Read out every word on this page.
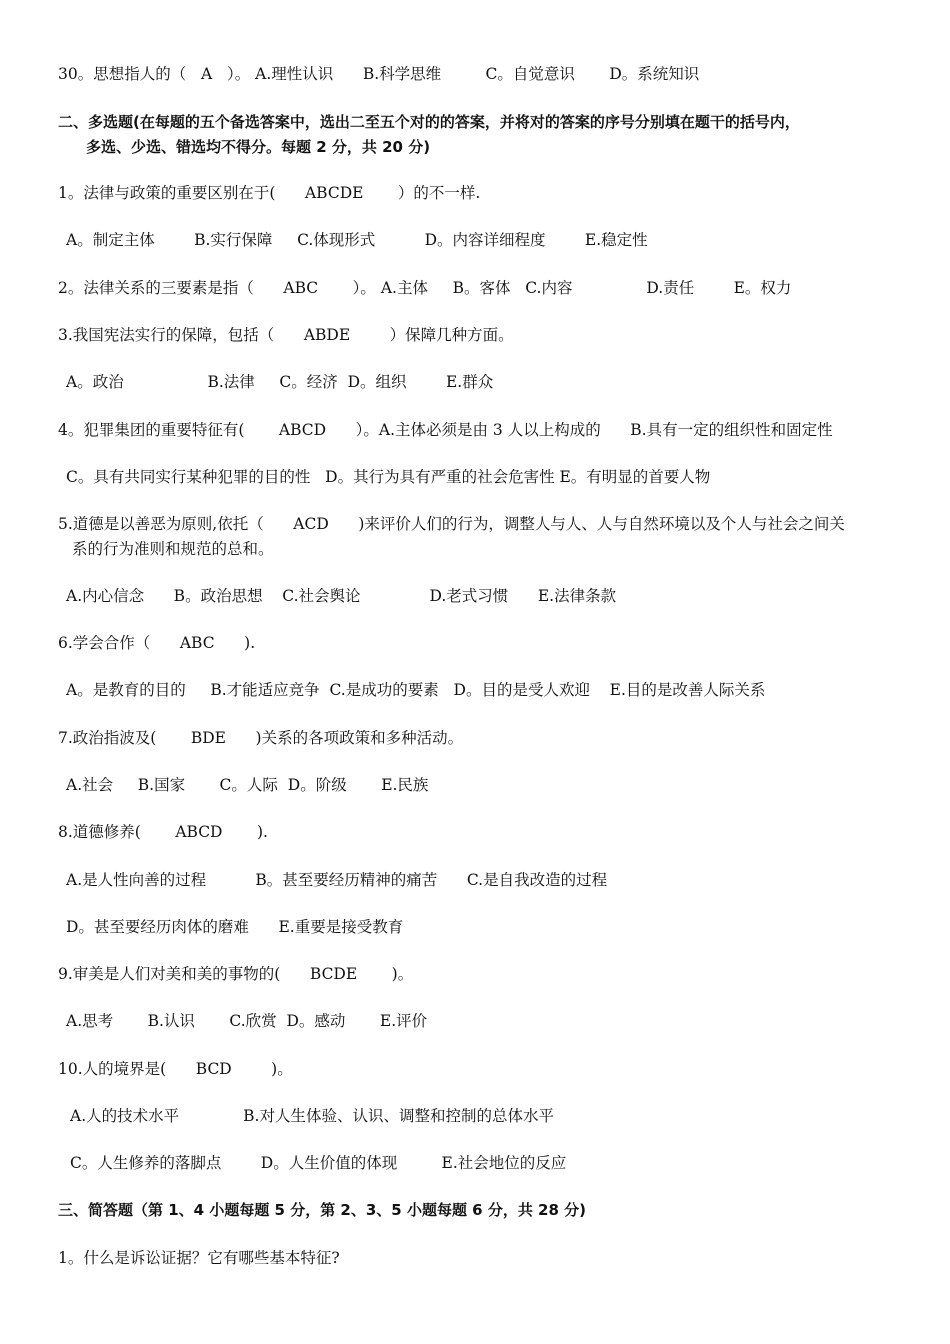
30。思想指人的（   A   ）。 A.理性认识      B.科学思维         C。自觉意识       D。系统知识
二、多选题(在每题的五个备选答案中，选出二至五个对的的答案，并将对的答案的序号分别填在题干的括号内，
多选、少选、错选均不得分。每题 2 分，共 20 分)
1。法律与政策的重要区别在于(      ABCDE       ）的不一样.
A。制定主体        B.实行保障     C.体现形式          D。内容详细程度        E.稳定性
2。法律关系的三要素是指（      ABC       ）。 A.主体     B。客体   C.内容               D.责任        E。权力
3.我国宪法实行的保障，包括（      ABDE        ）保障几种方面。
A。政治                 B.法律     C。经济  D。组织        E.群众
4。犯罪集团的重要特征有(       ABCD      ）。A.主体必须是由 3 人以上构成的      B.具有一定的组织性和固定性
C。具有共同实行某种犯罪的目的性   D。其行为具有严重的社会危害性 E。有明显的首要人物
5.道德是以善恶为原则,依托（      ACD      )来评价人们的行为，调整人与人、人与自然环境以及个人与社会之间关
系的行为准则和规范的总和。
A.内心信念      B。政治思想    C.社会舆论              D.老式习惯      E.法律条款
6.学会合作（      ABC      ).
A。是教育的目的     B.才能适应竞争  C.是成功的要素   D。目的是受人欢迎    E.目的是改善人际关系
7.政治指波及(       BDE      )关系的各项政策和多种活动。
A.社会     B.国家       C。人际  D。阶级       E.民族
8.道德修养(       ABCD       ).
A.是人性向善的过程          B。甚至要经历精神的痛苦      C.是自我改造的过程
D。甚至要经历肉体的磨难      E.重要是接受教育
9.审美是人们对美和美的事物的(      BCDE       )。
A.思考       B.认识       C.欣赏  D。感动       E.评价
10.人的境界是(      BCD        )。
A.人的技术水平             B.对人生体验、认识、调整和控制的总体水平
C。人生修养的落脚点        D。人生价值的体现         E.社会地位的反应
三、简答题（第 1、4 小题每题 5 分，第 2、3、5 小题每题 6 分，共 28 分)
1。什么是诉讼证据？它有哪些基本特征?
